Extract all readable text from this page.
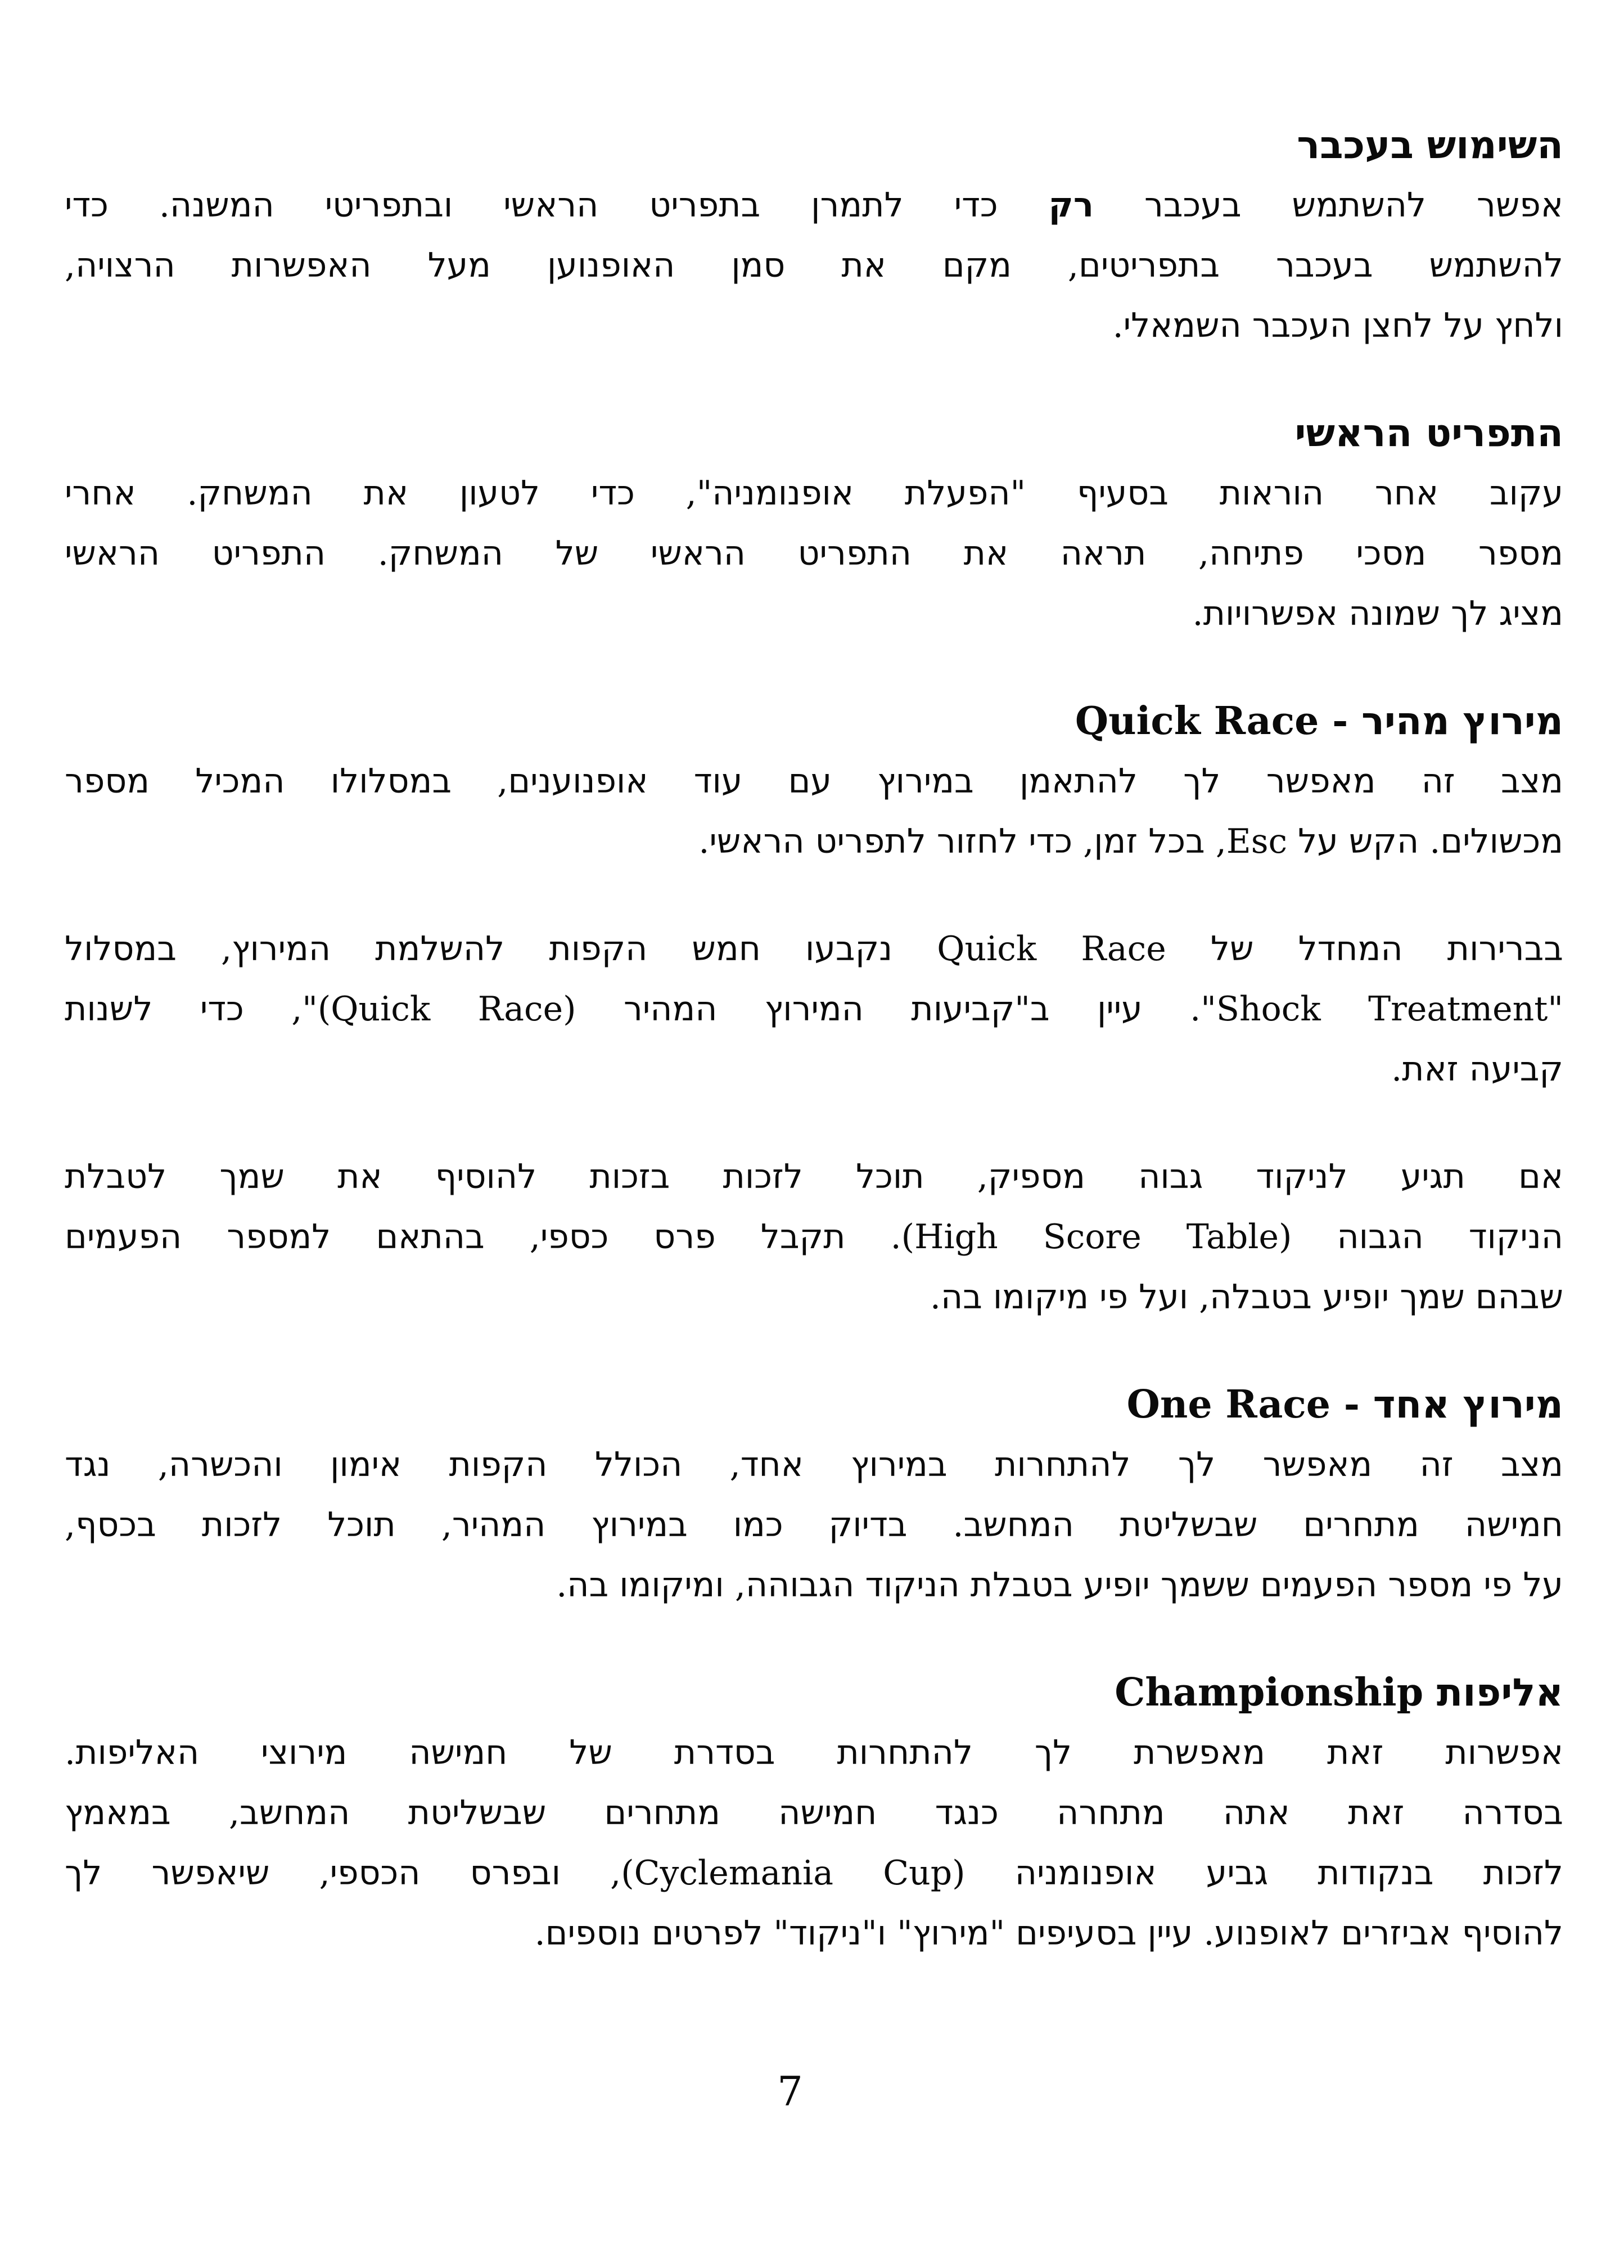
השימוש בעכבר
אפשר להשתמש בעכבר רק כדי לתמרן בתפריט הראשי ובתפריטי המשנה. כדי
להשתמש בעכבר בתפריטים, מקם את סמן האופנוען מעל האפשרות הרצויה,
ולחץ על לחצן העכבר השמאלי.
התפריט הראשי
עקוב אחר הוראות בסעיף "הפעלת אופנומניה", כדי לטעון את המשחק. אחרי
מספר מסכי פתיחה, תראה את התפריט הראשי של המשחק. התפריט הראשי
מציג לך שמונה אפשרויות.
מירוץ מהיר - Quick Race
מצב זה מאפשר לך להתאמן במירוץ עם עוד אופנוענים, במסלולו המכיל מספר
מכשולים. הקש על Esc, בכל זמן, כדי לחזור לתפריט הראשי.
בברירות המחדל של Quick Race נקבעו חמש הקפות להשלמת המירוץ, במסלול
"Shock Treatment". עיין ב"קביעות המירוץ המהיר (Quick Race)", כדי לשנות
קביעה זאת.
אם תגיע לניקוד גבוה מספיק, תוכל לזכות בזכות להוסיף את שמך לטבלת
הניקוד הגבוה (High Score Table). תקבל פרס כספי, בהתאם למספר הפעמים
שבהם שמך יופיע בטבלה, ועל פי מיקומו בה.
מירוץ אחד - One Race
מצב זה מאפשר לך להתחרות במירוץ אחד, הכולל הקפות אימון והכשרה, נגד
חמישה מתחרים שבשליטת המחשב. בדיוק כמו במירוץ המהיר, תוכל לזכות בכסף,
על פי מספר הפעמים ששמך יופיע בטבלת הניקוד הגבוהה, ומיקומו בה.
אליפות Championship
אפשרות זאת מאפשרת לך להתחרות בסדרת של חמישה מירוצי האליפות.
בסדרה זאת אתה מתחרה כנגד חמישה מתחרים שבשליטת המחשב, במאמץ
לזכות בנקודות גביע אופנומניה (Cyclemania Cup), ובפרס הכספי, שיאפשר לך
להוסיף אביזרים לאופנוע. עיין בסעיפים "מירוץ" ו"ניקוד" לפרטים נוספים.
7
